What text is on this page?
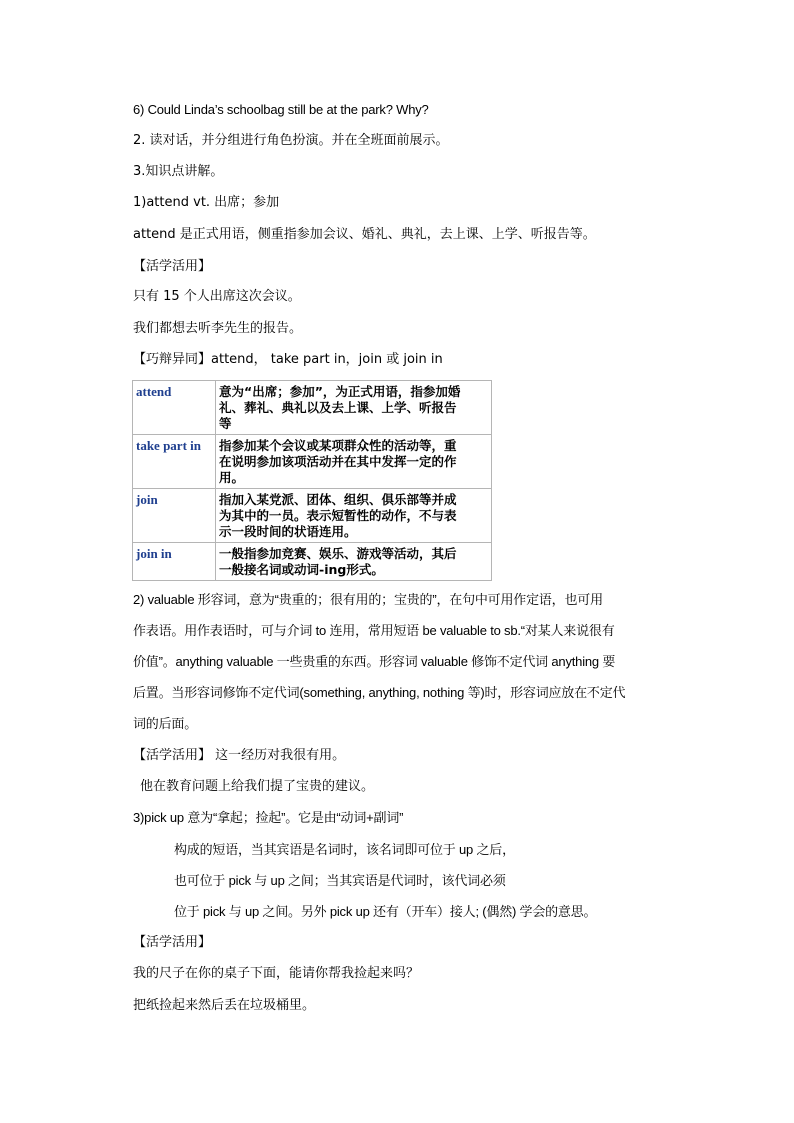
6) Could Linda’s schoolbag still be at the park? Why?
2. 读对话，并分组进行角色扮演。并在全班面前展示。
3.知识点讲解。
1)attend vt. 出席；参加
attend 是正式用语，侧重指参加会议、婚礼、典礼，去上课、上学、听报告等。
【活学活用】
只有 15 个人出席这次会议。
我们都想去听李先生的报告。
【巧辩异同】attend， take part in，join 或 join in
attend	意为“出席；参加”，为正式用语，指参加婚
礼、葬礼、典礼以及去上课、上学、听报告
等

take part in	指参加某个会议或某项群众性的活动等，重
在说明参加该项活动并在其中发挥一定的作
用。

join	指加入某党派、团体、组织、俱乐部等并成
为其中的一员。表示短暂性的动作，不与表
示一段时间的状语连用。

join in	一般指参加竞赛、娱乐、游戏等活动，其后
一般接名词或动词-ing形式。
2) valuable 形容词，意为“贵重的；很有用的；宝贵的”，在句中可用作定语，也可用
作表语。用作表语时，可与介词 to 连用，常用短语 be valuable to sb.“对某人来说很有
价值”。anything valuable 一些贵重的东西。形容词 valuable 修饰不定代词 anything 要
后置。当形容词修饰不定代词(something, anything, nothing 等)时，形容词应放在不定代
词的后面。
【活学活用】 这一经历对我很有用。
他在教育问题上给我们提了宝贵的建议。
3)pick up 意为“拿起；捡起”。它是由“动词+副词”
构成的短语，当其宾语是名词时，该名词即可位于 up 之后，
也可位于 pick 与 up 之间；当其宾语是代词时，该代词必须
位于 pick 与 up 之间。另外 pick up 还有（开车）接人; (偶然) 学会的意思。
【活学活用】
我的尺子在你的桌子下面，能请你帮我捡起来吗？
把纸捡起来然后丢在垃圾桶里。
